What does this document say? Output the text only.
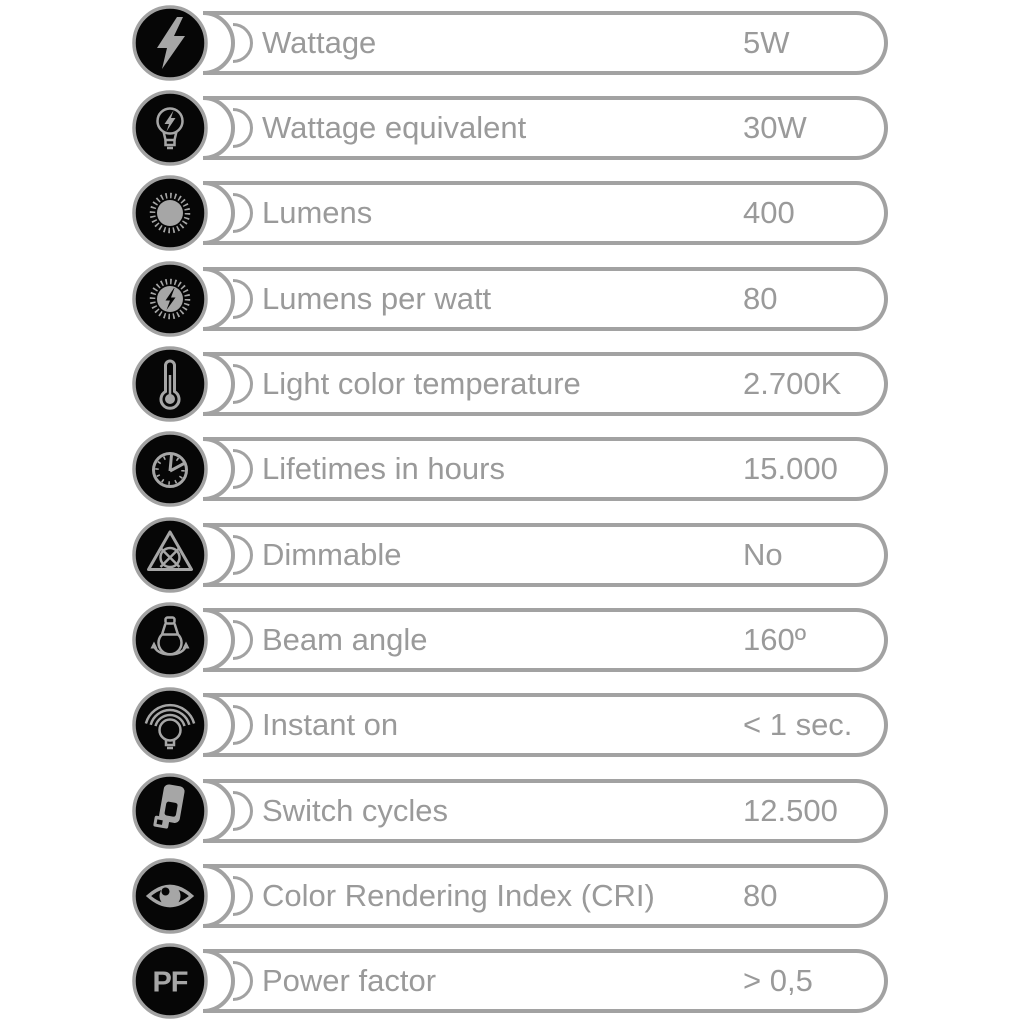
Wattage	5W
Wattage equivalent	30W
Lumens	400
Lumens per watt	80
Light color temperature	2.700K
Lifetimes in hours	15.000
Dimmable	No
Beam angle	160º
Instant on	< 1 sec.
Switch cycles	12.500
Color Rendering Index (CRI)	80
PF Power factor	> 0,5
